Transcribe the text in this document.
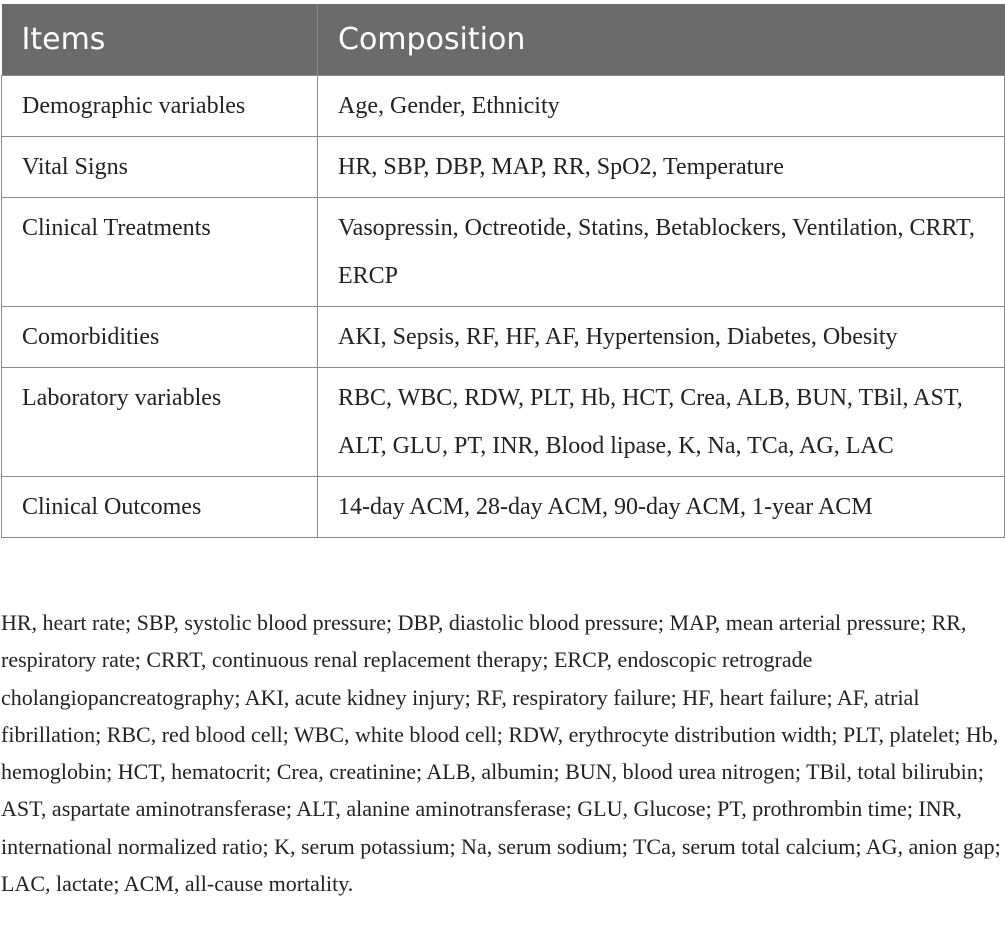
Items	Composition
Demographic variables	Age, Gender, Ethnicity
Vital Signs	HR, SBP, DBP, MAP, RR, SpO2, Temperature
Clinical Treatments	Vasopressin, Octreotide, Statins, Betablockers, Ventilation, CRRT, ERCP
Comorbidities	AKI, Sepsis, RF, HF, AF, Hypertension, Diabetes, Obesity
Laboratory variables	RBC, WBC, RDW, PLT, Hb, HCT, Crea, ALB, BUN, TBil, AST, ALT, GLU, PT, INR, Blood lipase, K, Na, TCa, AG, LAC
Clinical Outcomes	14-day ACM, 28-day ACM, 90-day ACM, 1-year ACM

HR, heart rate; SBP, systolic blood pressure; DBP, diastolic blood pressure; MAP, mean arterial pressure; RR, respiratory rate; CRRT, continuous renal replacement therapy; ERCP, endoscopic retrograde cholangiopancreatography; AKI, acute kidney injury; RF, respiratory failure; HF, heart failure; AF, atrial fibrillation; RBC, red blood cell; WBC, white blood cell; RDW, erythrocyte distribution width; PLT, platelet; Hb, hemoglobin; HCT, hematocrit; Crea, creatinine; ALB, albumin; BUN, blood urea nitrogen; TBil, total bilirubin; AST, aspartate aminotransferase; ALT, alanine aminotransferase; GLU, Glucose; PT, prothrombin time; INR, international normalized ratio; K, serum potassium; Na, serum sodium; TCa, serum total calcium; AG, anion gap; LAC, lactate; ACM, all-cause mortality.
